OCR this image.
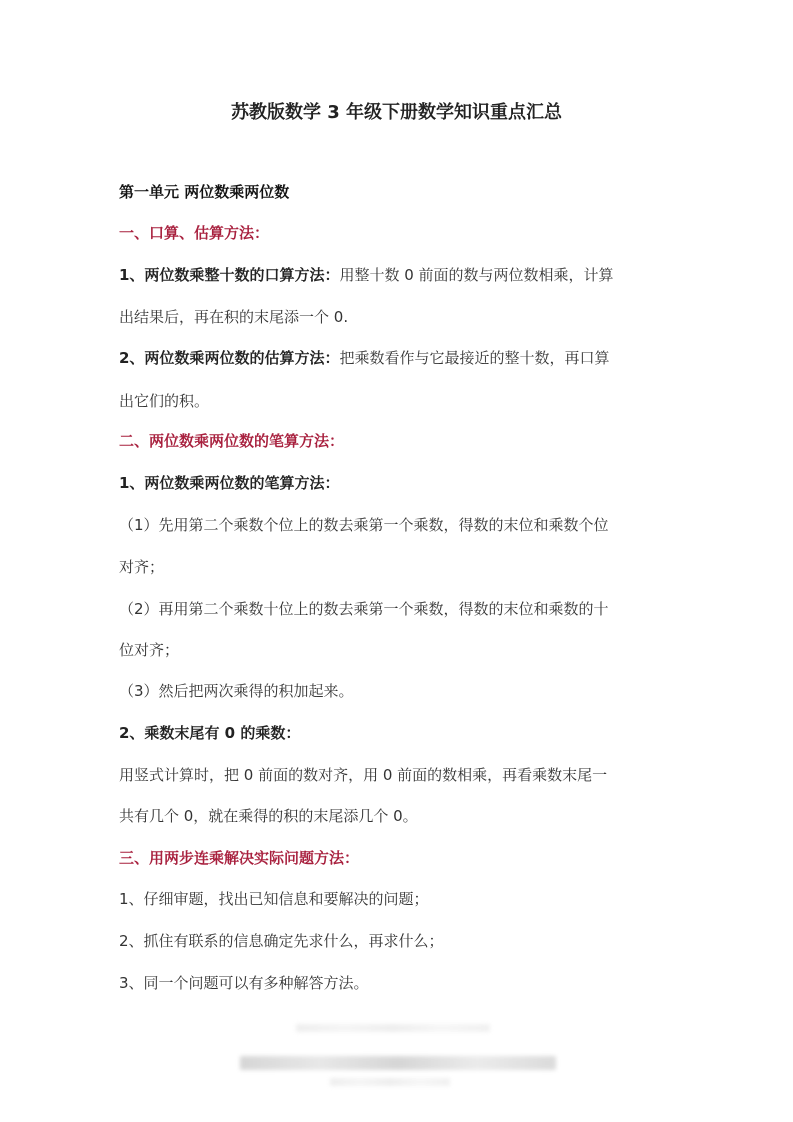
苏教版数学 3 年级下册数学知识重点汇总
第一单元 两位数乘两位数
一、口算、估算方法：
1、两位数乘整十数的口算方法：用整十数 0 前面的数与两位数相乘，计算
出结果后，再在积的末尾添一个 0.
2、两位数乘两位数的估算方法：把乘数看作与它最接近的整十数，再口算
出它们的积。
二、两位数乘两位数的笔算方法：
1、两位数乘两位数的笔算方法：
（1）先用第二个乘数个位上的数去乘第一个乘数，得数的末位和乘数个位
对齐；
（2）再用第二个乘数十位上的数去乘第一个乘数，得数的末位和乘数的十
位对齐；
（3）然后把两次乘得的积加起来。
2、乘数末尾有 0 的乘数：
用竖式计算时，把 0 前面的数对齐，用 0 前面的数相乘，再看乘数末尾一
共有几个 0，就在乘得的积的末尾添几个 0。
三、用两步连乘解决实际问题方法：
1、仔细审题，找出已知信息和要解决的问题；
2、抓住有联系的信息确定先求什么，再求什么；
3、同一个问题可以有多种解答方法。
